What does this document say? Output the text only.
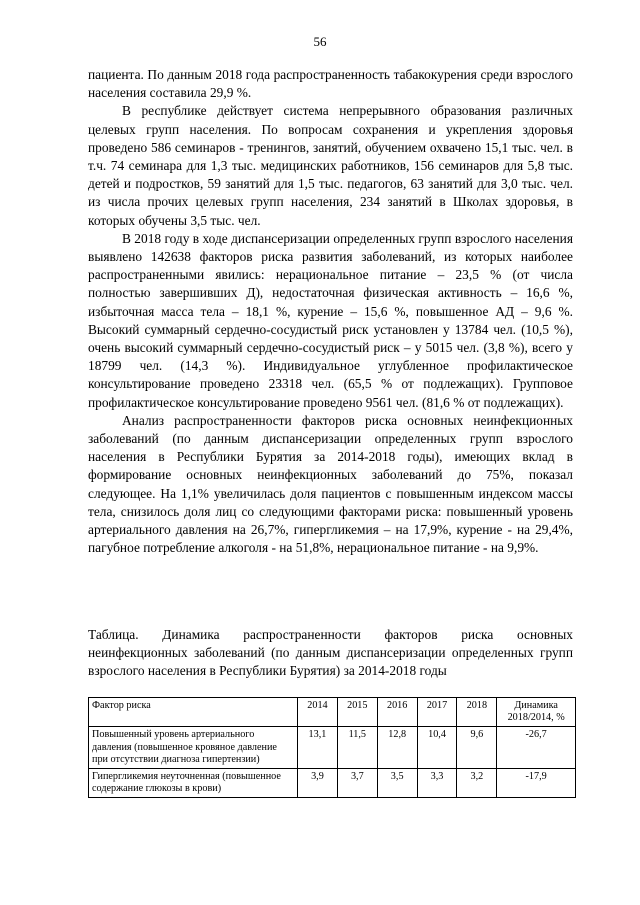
56

пациента. По данным 2018 года распространенность табакокурения среди взрослого населения составила 29,9 %.

В республике действует система непрерывного образования различных целевых групп населения. По вопросам сохранения и укрепления здоровья проведено 586 семинаров - тренингов, занятий, обучением охвачено 15,1 тыс. чел. в т.ч. 74 семинара для 1,3 тыс. медицинских работников, 156 семинаров для 5,8 тыс. детей и подростков, 59 занятий для 1,5 тыс. педагогов, 63 занятий для 3,0 тыс. чел. из числа прочих целевых групп населения, 234 занятий в Школах здоровья, в которых обучены 3,5 тыс. чел.

В 2018 году в ходе диспансеризации определенных групп взрослого населения выявлено 142638 факторов риска развития заболеваний, из которых наиболее распространенными явились: нерациональное питание – 23,5 % (от числа полностью завершивших Д), недостаточная физическая активность – 16,6 %, избыточная масса тела – 18,1 %, курение – 15,6 %, повышенное АД – 9,6 %. Высокий суммарный сердечно-сосудистый риск установлен у 13784 чел. (10,5 %), очень высокий суммарный сердечно-сосудистый риск – у 5015 чел. (3,8 %), всего у 18799 чел. (14,3 %). Индивидуальное углубленное профилактическое консультирование проведено 23318 чел. (65,5 % от подлежащих). Групповое профилактическое консультирование проведено 9561 чел. (81,6 % от подлежащих).

Анализ распространенности факторов риска основных неинфекционных заболеваний (по данным диспансеризации определенных групп взрослого населения в Республики Бурятия за 2014-2018 годы), имеющих вклад в формирование основных неинфекционных заболеваний до 75%, показал следующее. На 1,1% увеличилась доля пациентов с повышенным индексом массы тела, снизилось доля лиц со следующими факторами риска: повышенный уровень артериального давления на 26,7%, гипергликемия – на 17,9%, курение - на 29,4%, пагубное потребление алкоголя - на 51,8%, нерациональное питание - на 9,9%.

Таблица. Динамика распространенности факторов риска основных неинфекционных заболеваний (по данным диспансеризации определенных групп взрослого населения в Республики Бурятия) за 2014-2018 годы
Фактор риска	2014	2015	2016	2017	2018	Динамика 2018/2014, %
Повышенный уровень артериального давления (повышенное кровяное давление при отсутствии диагноза гипертензии)	13,1	11,5	12,8	10,4	9,6	-26,7
Гипергликемия неуточненная (повышенное содержание глюкозы в крови)	3,9	3,7	3,5	3,3	3,2	-17,9
